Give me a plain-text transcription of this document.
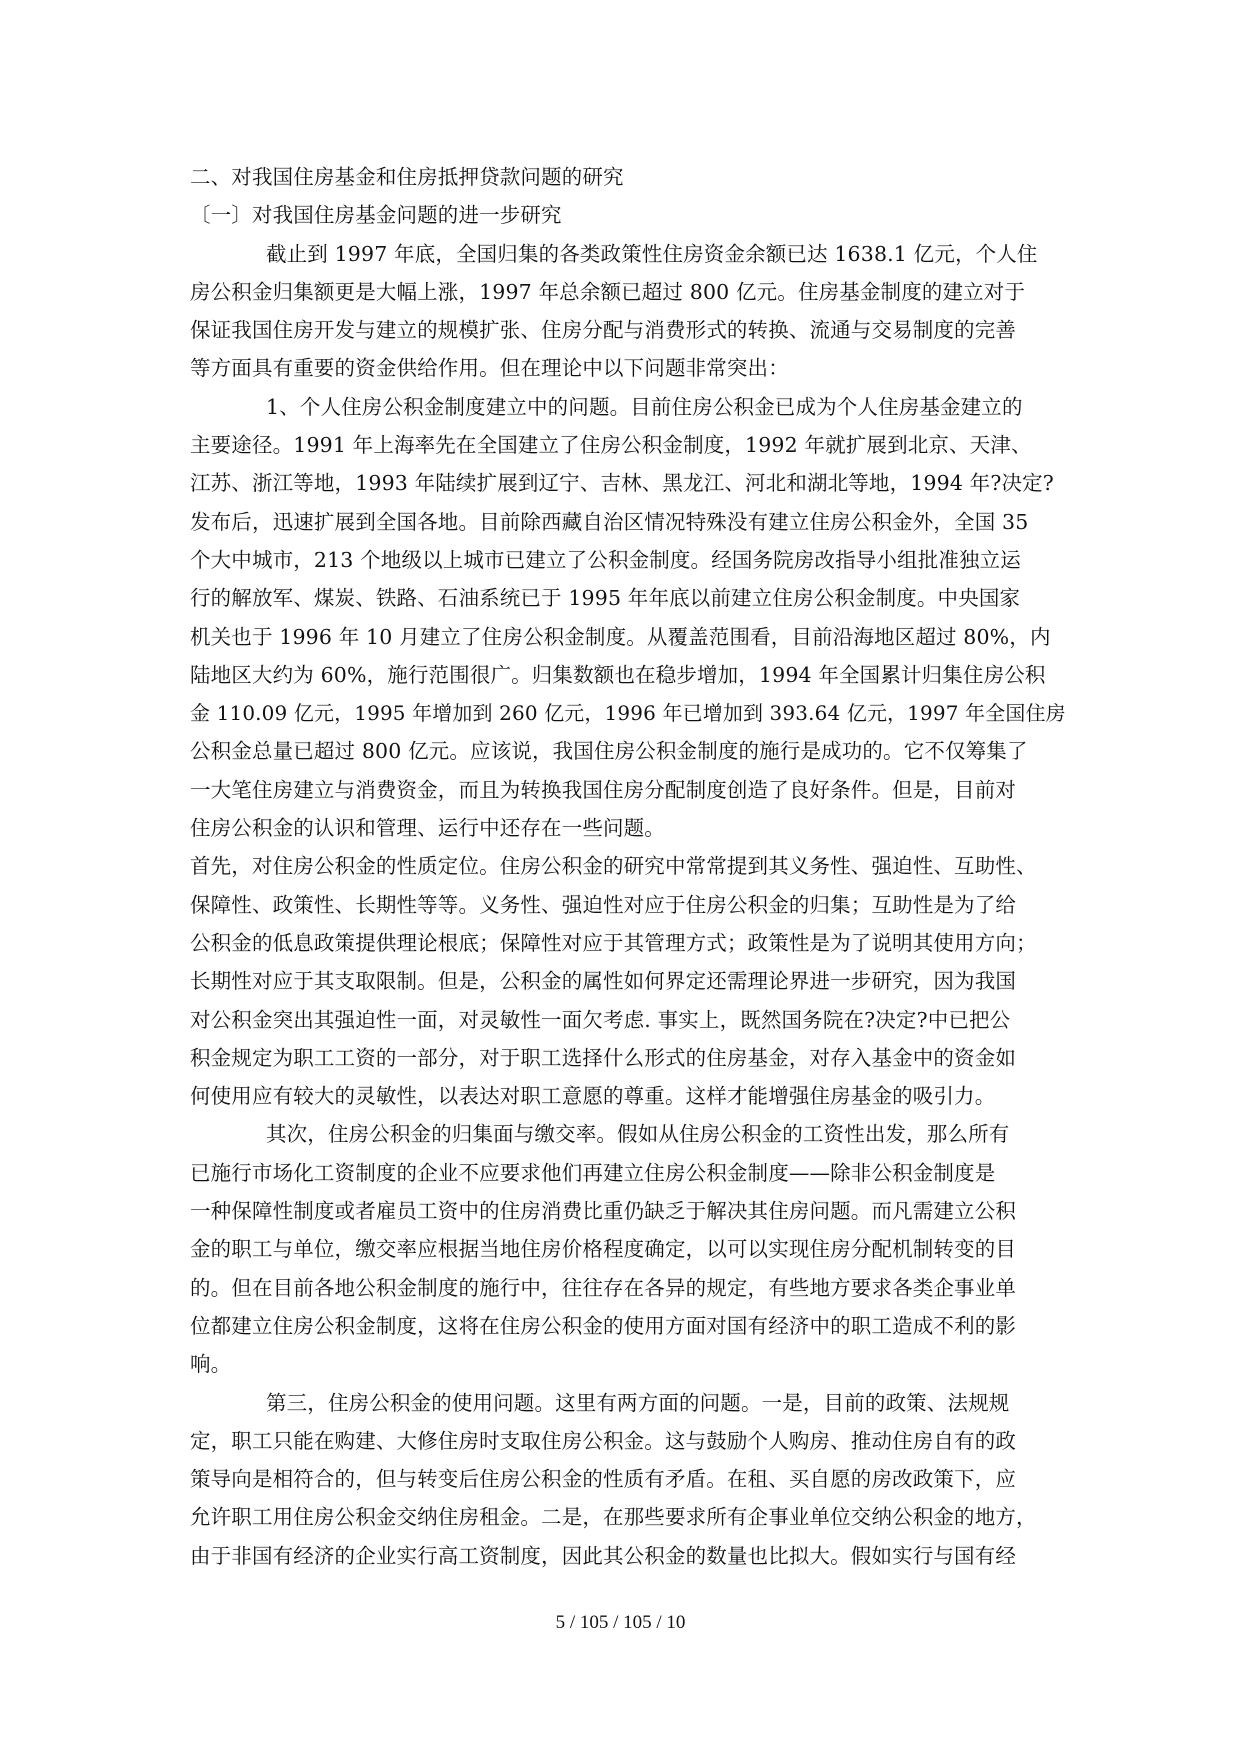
二、对我国住房基金和住房抵押贷款问题的研究
〔一〕对我国住房基金问题的进一步研究
截止到 1997 年底，全国归集的各类政策性住房资金余额已达 1638.1 亿元，个人住
房公积金归集额更是大幅上涨，1997 年总余额已超过 800 亿元。住房基金制度的建立对于
保证我国住房开发与建立的规模扩张、住房分配与消费形式的转换、流通与交易制度的完善
等方面具有重要的资金供给作用。但在理论中以下问题非常突出：
1、个人住房公积金制度建立中的问题。目前住房公积金已成为个人住房基金建立的
主要途径。1991 年上海率先在全国建立了住房公积金制度，1992 年就扩展到北京、天津、
江苏、浙江等地，1993 年陆续扩展到辽宁、吉林、黑龙江、河北和湖北等地，1994 年?决定?
发布后，迅速扩展到全国各地。目前除西藏自治区情况特殊没有建立住房公积金外，全国 35
个大中城市，213 个地级以上城市已建立了公积金制度。经国务院房改指导小组批准独立运
行的解放军、煤炭、铁路、石油系统已于 1995 年年底以前建立住房公积金制度。中央国家
机关也于 1996 年 10 月建立了住房公积金制度。从覆盖范围看，目前沿海地区超过 80%，内
陆地区大约为 60%，施行范围很广。归集数额也在稳步增加，1994 年全国累计归集住房公积
金 110.09 亿元，1995 年增加到 260 亿元，1996 年已增加到 393.64 亿元，1997 年全国住房
公积金总量已超过 800 亿元。应该说，我国住房公积金制度的施行是成功的。它不仅筹集了
一大笔住房建立与消费资金，而且为转换我国住房分配制度创造了良好条件。但是，目前对
住房公积金的认识和管理、运行中还存在一些问题。
首先，对住房公积金的性质定位。住房公积金的研究中常常提到其义务性、强迫性、互助性、
保障性、政策性、长期性等等。义务性、强迫性对应于住房公积金的归集；互助性是为了给
公积金的低息政策提供理论根底；保障性对应于其管理方式；政策性是为了说明其使用方向；
长期性对应于其支取限制。但是，公积金的属性如何界定还需理论界进一步研究，因为我国
对公积金突出其强迫性一面，对灵敏性一面欠考虑. 事实上，既然国务院在?决定?中已把公
积金规定为职工工资的一部分，对于职工选择什么形式的住房基金，对存入基金中的资金如
何使用应有较大的灵敏性，以表达对职工意愿的尊重。这样才能增强住房基金的吸引力。
其次，住房公积金的归集面与缴交率。假如从住房公积金的工资性出发，那么所有
已施行市场化工资制度的企业不应要求他们再建立住房公积金制度——除非公积金制度是
一种保障性制度或者雇员工资中的住房消费比重仍缺乏于解决其住房问题。而凡需建立公积
金的职工与单位，缴交率应根据当地住房价格程度确定，以可以实现住房分配机制转变的目
的。但在目前各地公积金制度的施行中，往往存在各异的规定，有些地方要求各类企事业单
位都建立住房公积金制度，这将在住房公积金的使用方面对国有经济中的职工造成不利的影
响。
第三，住房公积金的使用问题。这里有两方面的问题。一是，目前的政策、法规规
定，职工只能在购建、大修住房时支取住房公积金。这与鼓励个人购房、推动住房自有的政
策导向是相符合的，但与转变后住房公积金的性质有矛盾。在租、买自愿的房改政策下，应
允许职工用住房公积金交纳住房租金。二是，在那些要求所有企事业单位交纳公积金的地方，
由于非国有经济的企业实行高工资制度，因此其公积金的数量也比拟大。假如实行与国有经
5 / 105 / 105 / 10
